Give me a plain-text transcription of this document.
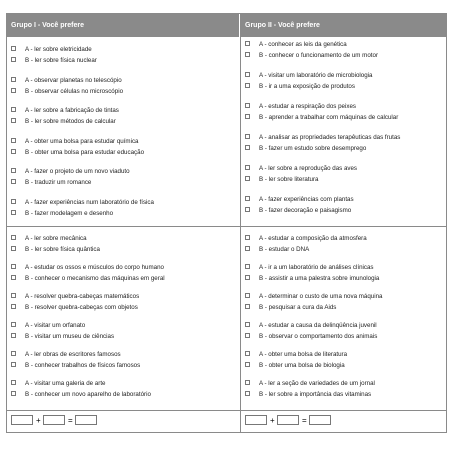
Grupo I - Você prefere	Grupo II - Você prefere
A - ler sobre eletricidade
B - ler sobre física nuclear
A - observar planetas no telescópio
B - observar células no microscópio
A - ler sobre a fabricação de tintas
B - ler sobre métodos de calcular
A - obter uma bolsa para estudar química
B - obter uma bolsa para estudar educação
A - fazer o projeto de um novo viaduto
B - traduzir um romance
A - fazer experiências num laboratório de física
B - fazer modelagem e desenho
A - conhecer as leis da genética
B - conhecer o funcionamento de um motor
A - visitar um laboratório de microbiologia
B - ir a uma exposição de produtos
A - estudar a respiração dos peixes
B - aprender a trabalhar com máquinas de calcular
A - analisar as propriedades terapêuticas das frutas
B - fazer um estudo sobre desemprego
A - ler sobre a reprodução das aves
B - ler sobre literatura
A - fazer experiências com plantas
B - fazer decoração e paisagismo
A - ler sobre mecânica
B - ler sobre física quântica
A - estudar os ossos e músculos do corpo humano
B - conhecer o mecanismo das máquinas em geral
A - resolver quebra-cabeças matemáticos
B - resolver quebra-cabeças com objetos
A - visitar um orfanato
B - visitar um museu de ciências
A - ler obras de escritores famosos
B - conhecer trabalhos de físicos famosos
A - visitar uma galeria de arte
B - conhecer um novo aparelho de laboratório
A - estudar a composição da atmosfera
B - estudar o DNA
A - ir a um laboratório de análises clínicas
B - assistir a uma palestra sobre imunologia
A - determinar o custo de uma nova máquina
B - pesquisar a cura da Aids
A - estudar a causa da delinqüência juvenil
B - observar o comportamento dos animais
A - obter uma bolsa de literatura
B - obter uma bolsa de biologia
A - ler a seção de variedades de um jornal
B - ler sobre a importância das vitaminas
+	=	+	=
